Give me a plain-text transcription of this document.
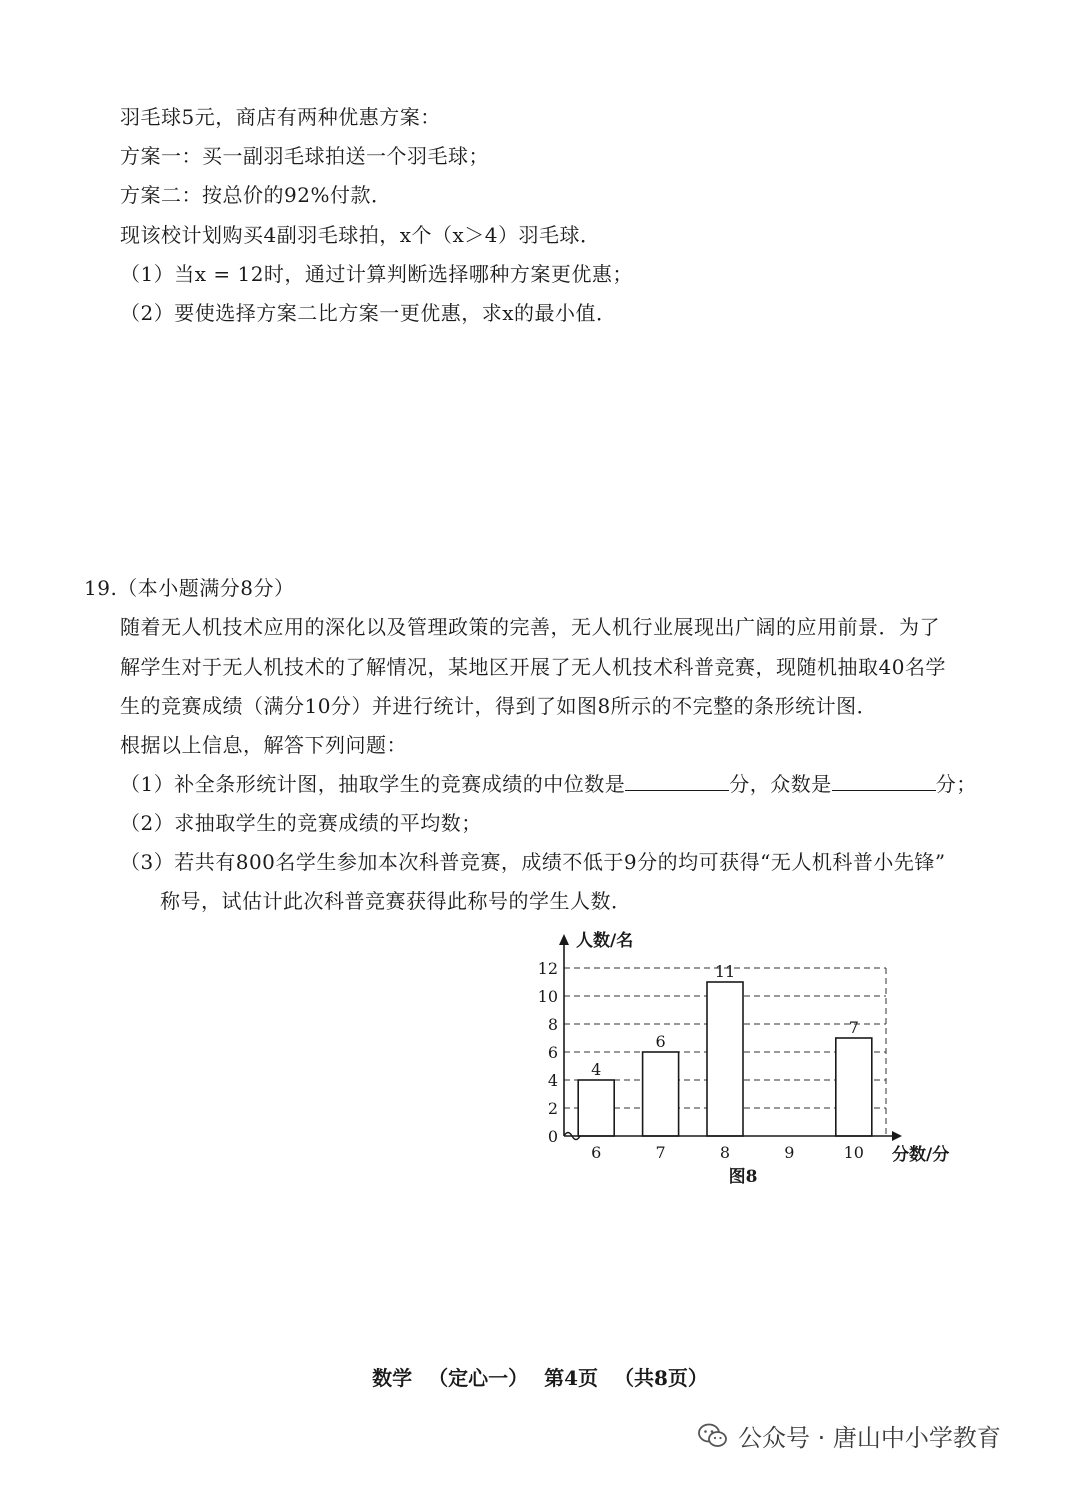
羽毛球5元，商店有两种优惠方案：
方案一：买一副羽毛球拍送一个羽毛球；
方案二：按总价的92%付款．
现该校计划购买4副羽毛球拍，x个（x＞4）羽毛球．
（1）当x = 12时，通过计算判断选择哪种方案更优惠；
（2）要使选择方案二比方案一更优惠，求x的最小值．
19.（本小题满分8分）
随着无人机技术应用的深化以及管理政策的完善，无人机行业展现出广阔的应用前景．为了
解学生对于无人机技术的了解情况，某地区开展了无人机技术科普竞赛，现随机抽取40名学
生的竞赛成绩（满分10分）并进行统计，得到了如图8所示的不完整的条形统计图．
根据以上信息，解答下列问题：
（1）补全条形统计图，抽取学生的竞赛成绩的中位数是	分，众数是	分；
（2）求抽取学生的竞赛成绩的平均数；
（3）若共有800名学生参加本次科普竞赛，成绩不低于9分的均可获得“无人机科普小先锋”
称号，试估计此次科普竞赛获得此称号的学生人数．
0
2
4
6
8
10
12
6	7	8	9	10
4
6
11
7
人数/名
分数/分
图8
数学 （定心一） 第4页 （共8页）
公众号 · 唐山中小学教育
